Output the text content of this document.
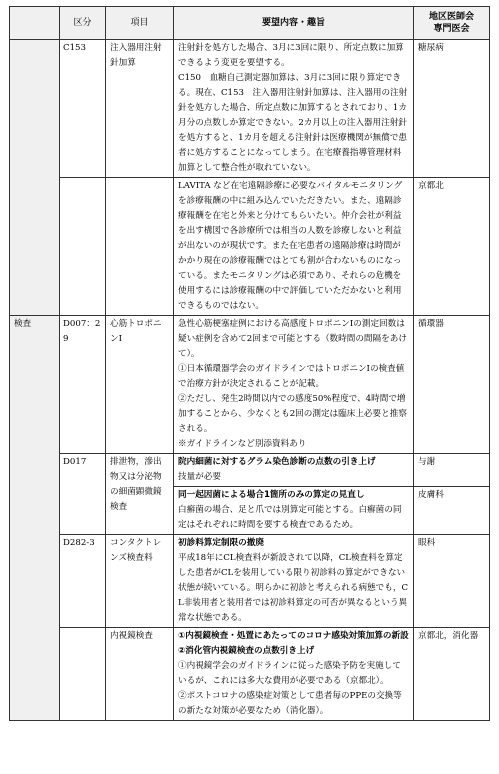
	区分	項目	要望内容・趣旨	地区医師会
専門医会
	C153	注入器用注射針加算	注射針を処方した場合、3月に3回に限り、所定点数に加算できるよう変更を要望する。

C150　血糖自己測定器加算は、3月に3回に限り算定できる。現在、C153　注入器用注射針加算は、注入器用の注射針を処方した場合、所定点数に加算するとされており、1カ月分の点数しか算定できない。2カ月以上の注入器用注射針を処方すると、1カ月を超える注射針は医療機関が無償で患者に処方することになってしまう。在宅療養指導管理材料加算として整合性が取れていない。	糖尿病

			LAVITA など在宅遠隔診療に必要なバイタルモニタリングを診療報酬の中に組み込んでいただきたい。また、遠隔診療報酬を在宅と外来と分けてもらいたい。仲介会社が利益を出す構図で各診療所では相当の人数を診療しないと利益が出ないのが現状です。また在宅患者の遠隔診療は時間がかかり現在の診療報酬ではとても割が合わないものになっている。またモニタリングは必須であり、それらの危機を使用するには診療報酬の中で評価していただかないと利用できるものではない。	京都北
検査	D007：29	心筋トロポニンI	急性心筋梗塞症例における高感度トロポニンIの測定回数は疑い症例を含めて2回まで可能とする（数時間の間隔をあけて）。

①日本循環器学会のガイドラインではトロポニンIの検査値で治療方針が決定されることが記載。

②ただし、発生2時間以内での感度50%程度で、4時間で増加することから、少なくとも2回の測定は臨床上必要と推察される。

※ガイドラインなど別添資料あり	循環器
	D017	排泄物，滲出物又は分泌物の細菌顕微鏡検査	院内細菌に対するグラム染色診断の点数の引き上げ

技量が必要	与謝

			同一起因菌による場合1箇所のみの算定の見直し

白癬菌の場合、足と爪では別算定可能とする。白癬菌の同定はそれぞれに時間を要する検査であるため。	皮膚科
	D282-3	コンタクトレンズ検査料	初診料算定制限の撤廃

平成18年にCL検査料が新設されて以降，CL検査料を算定した患者がCLを装用している限り初診料の算定ができない状態が続いている。明らかに初診と考えられる病態でも，CL非装用者と装用者では初診料算定の可否が異なるという異常な状態である。	眼科
		内視鏡検査	①内視鏡検査・処置にあたってのコロナ感染対策加算の新設②消化管内視鏡検査の点数引き上げ

①内視鏡学会のガイドラインに従った感染予防を実施しているが、これには多大な費用が必要である（京都北）。

②ポストコロナの感染症対策として患者毎のPPEの交換等の新たな対策が必要なため（消化器）。	京都北，消化器
